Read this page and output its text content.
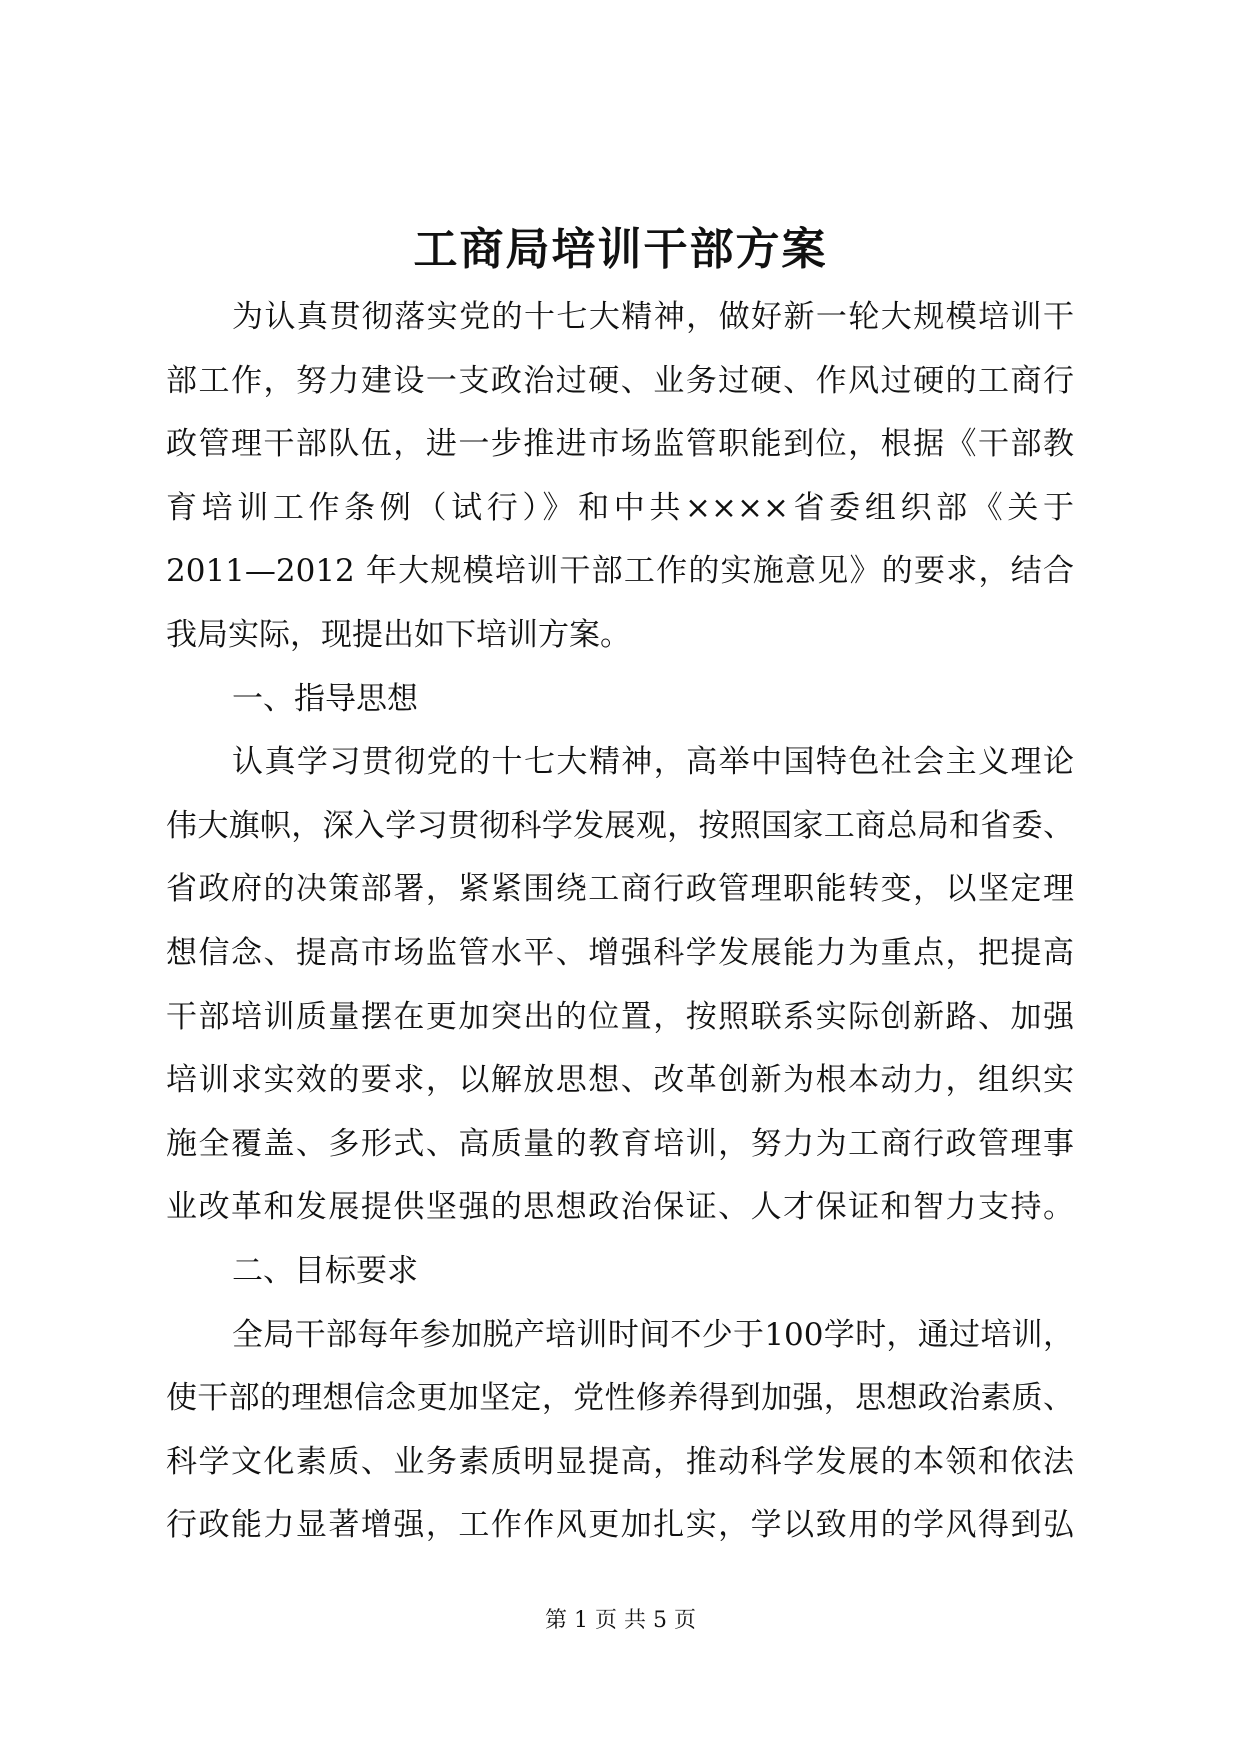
工商局培训干部方案
为认真贯彻落实党的十七大精神，做好新一轮大规模培训干
部工作，努力建设一支政治过硬、业务过硬、作风过硬的工商行
政管理干部队伍，进一步推进市场监管职能到位，根据《干部教
育培训工作条例（试行）》和中共××××省委组织部《关于
2011—2012 年大规模培训干部工作的实施意见》的要求，结合
我局实际，现提出如下培训方案。
一、指导思想
认真学习贯彻党的十七大精神，高举中国特色社会主义理论
伟大旗帜，深入学习贯彻科学发展观，按照国家工商总局和省委、
省政府的决策部署，紧紧围绕工商行政管理职能转变，以坚定理
想信念、提高市场监管水平、增强科学发展能力为重点，把提高
干部培训质量摆在更加突出的位置，按照联系实际创新路、加强
培训求实效的要求，以解放思想、改革创新为根本动力，组织实
施全覆盖、多形式、高质量的教育培训，努力为工商行政管理事
业改革和发展提供坚强的思想政治保证、人才保证和智力支持。
二、目标要求
全局干部每年参加脱产培训时间不少于100学时，通过培训，
使干部的理想信念更加坚定，党性修养得到加强，思想政治素质、
科学文化素质、业务素质明显提高，推动科学发展的本领和依法
行政能力显著增强，工作作风更加扎实，学以致用的学风得到弘
第 1 页 共 5 页
